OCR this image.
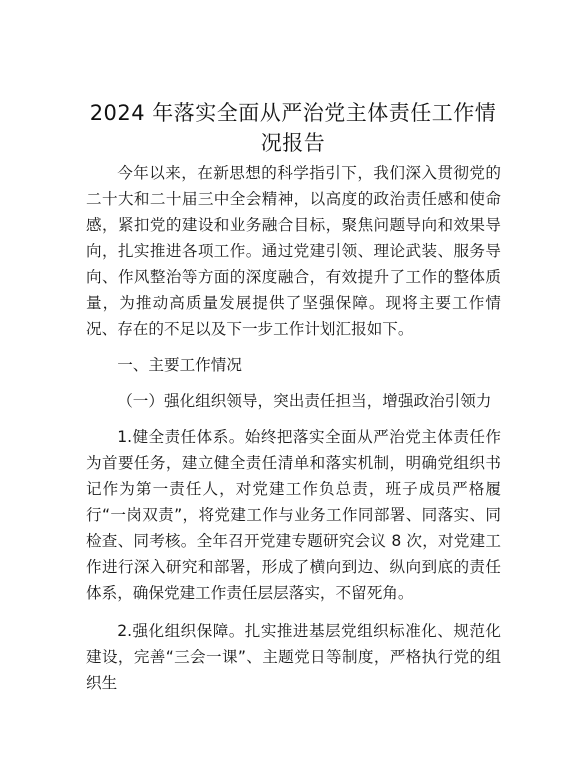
2024 年落实全面从严治党主体责任工作情况报告

今年以来，在新思想的科学指引下，我们深入贯彻党的二十大和二十届三中全会精神，以高度的政治责任感和使命感，紧扣党的建设和业务融合目标，聚焦问题导向和效果导向，扎实推进各项工作。通过党建引领、理论武装、服务导向、作风整治等方面的深度融合，有效提升了工作的整体质量，为推动高质量发展提供了坚强保障。现将主要工作情况、存在的不足以及下一步工作计划汇报如下。

一、主要工作情况

（一）强化组织领导，突出责任担当，增强政治引领力

1.健全责任体系。始终把落实全面从严治党主体责任作为首要任务，建立健全责任清单和落实机制，明确党组织书记作为第一责任人，对党建工作负总责，班子成员严格履行“一岗双责”，将党建工作与业务工作同部署、同落实、同检查、同考核。全年召开党建专题研究会议 8 次，对党建工作进行深入研究和部署，形成了横向到边、纵向到底的责任体系，确保党建工作责任层层落实，不留死角。

2.强化组织保障。扎实推进基层党组织标准化、规范化建设，完善“三会一课”、主题党日等制度，严格执行党的组织生
